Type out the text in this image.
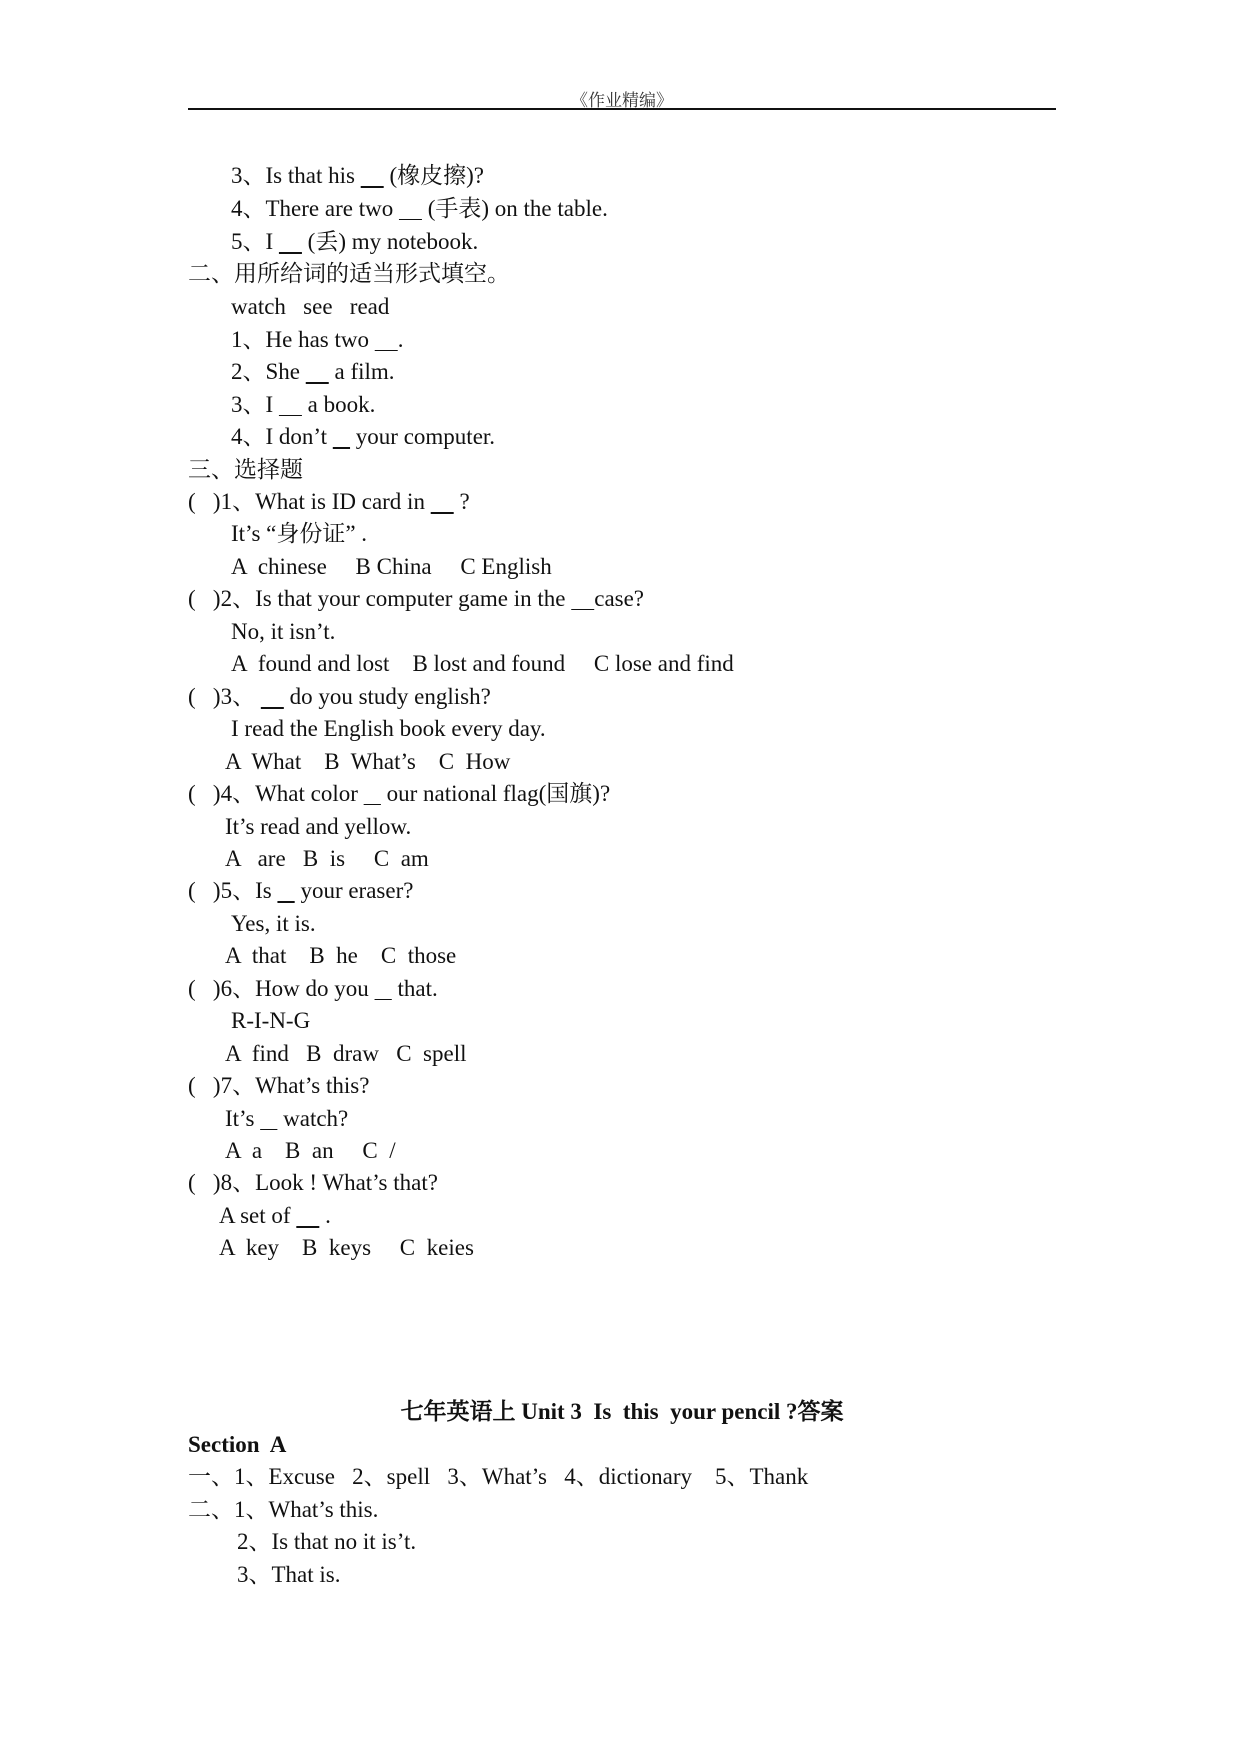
《作业精编》
3、Is that his      (橡皮擦)?
4、There are two      (手表) on the table.
5、I      (丢) my notebook.
二、用所给词的适当形式填空。
watch   see   read
1、He has two     .
2、She      a film.
3、I      a book.
4、I don’t     your computer.
三、选择题
(   )1、What is ID card in      ?
It’s “身份证” .
A  chinese     B China     C English
(   )2、Is that your computer game in the     case?
No, it isn’t.
A  found and lost    B lost and found     C lose and find
(   )3、      do you study english?
I read the English book every day.
A  What    B  What’s    C  How
(   )4、What color     our national flag(国旗)?
It’s read and yellow.
A   are   B  is     C  am
(   )5、Is     your eraser?
Yes, it is.
A  that    B  he    C  those
(   )6、How do you     that.
R-I-N-G
A  find   B  draw   C  spell
(   )7、What’s this?
It’s     watch?
A  a    B  an     C  /
(   )8、Look ! What’s that?
A set of      .
A  key    B  keys     C  keies
七年英语上 Unit 3  Is  this  your pencil ?答案
Section  A
一、1、Excuse   2、spell   3、What’s   4、dictionary    5、Thank
二、1、What’s this.
2、Is that no it is’t.
3、That is.
